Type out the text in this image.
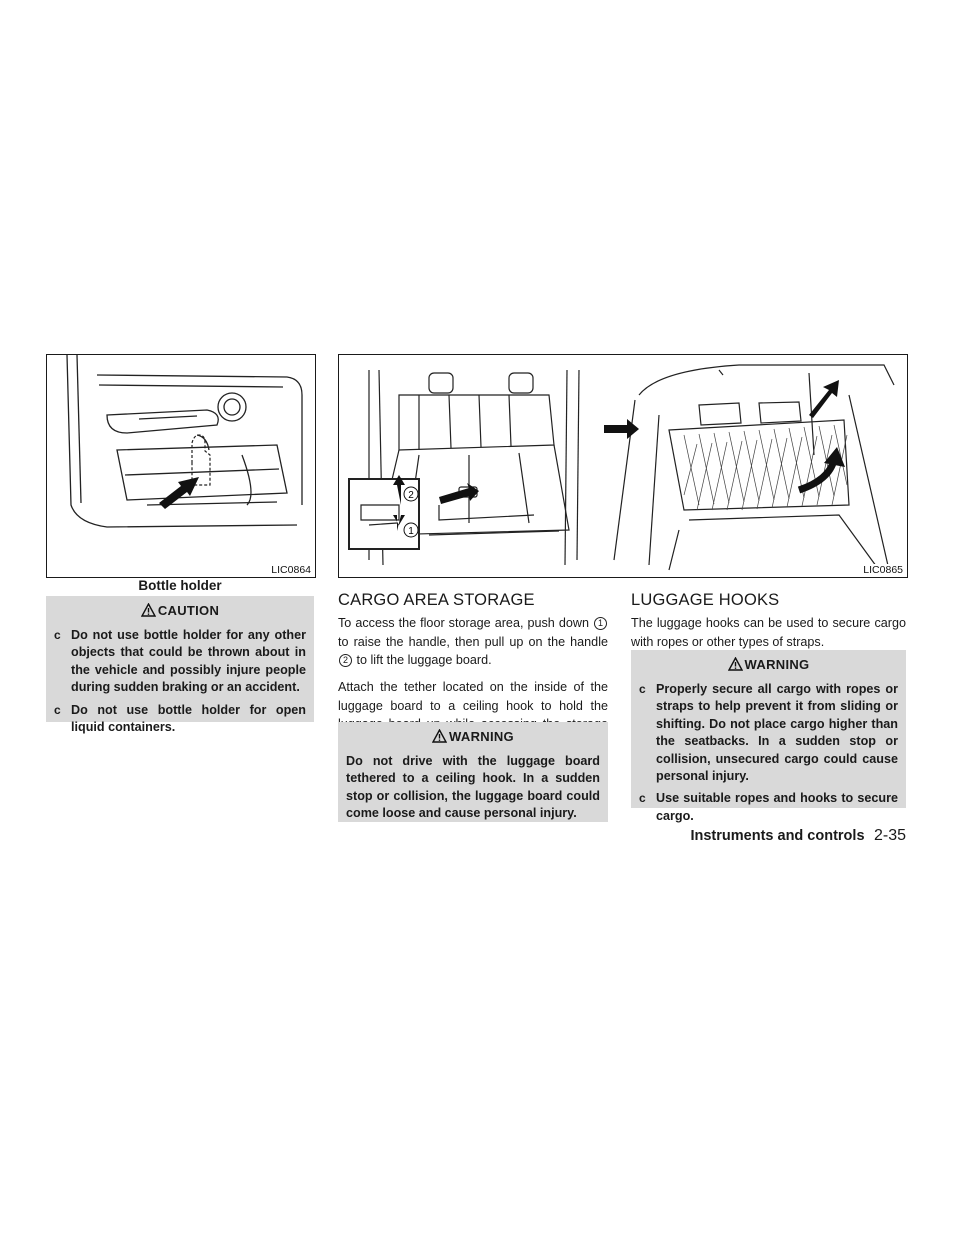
LIC0864
Bottle holder
2
1
LIC0865
CAUTION
c Do not use bottle holder for any other objects that could be thrown about in the vehicle and possibly injure people during sudden braking or an accident.
c Do not use bottle holder for open liquid containers.
CARGO AREA STORAGE
To access the floor storage area, push down 1 to raise the handle, then pull up on the handle 2 to lift the luggage board.
Attach the tether located on the inside of the luggage board to a ceiling hook to hold the
WARNING
Do not drive with the luggage board tethered to a ceiling hook. In a sudden stop or collision, the luggage board could come loose and cause personal injury.
LUGGAGE HOOKS
The luggage hooks can be used to secure cargo with ropes or other types of straps.
WARNING
c Properly secure all cargo with ropes or straps to help prevent it from sliding or shifting. Do not place cargo higher than the seatbacks. In a sudden stop or collision, unsecured cargo could cause personal injury.
c Use suitable ropes and hooks to secure cargo.
Instruments and controls 2-35
